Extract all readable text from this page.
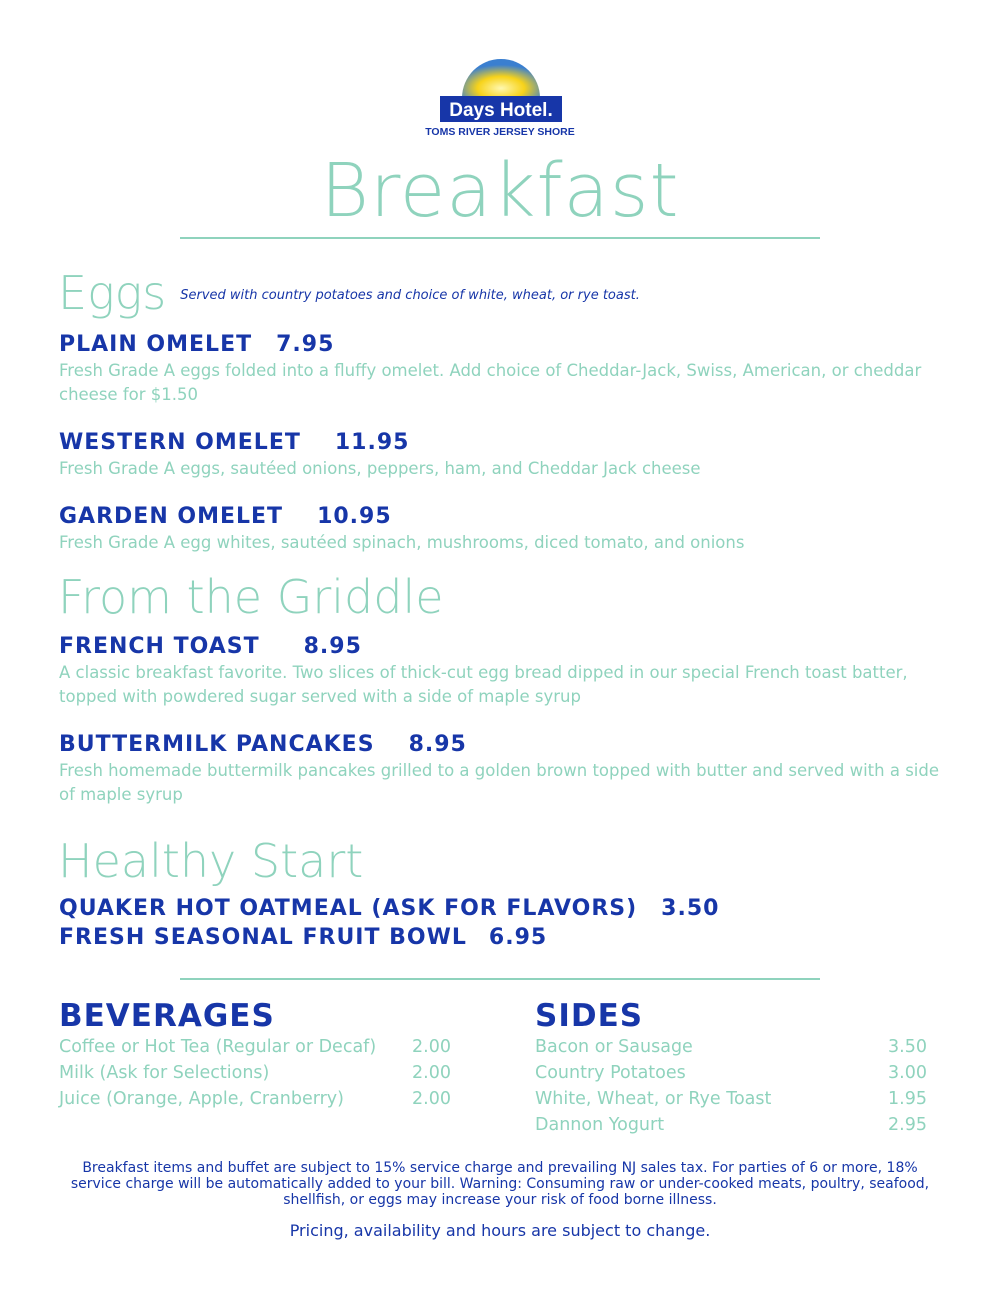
Days Hotel.
TOMS RIVER JERSEY SHORE
Breakfast
Eggs $^{Served with country potatoes and choice of white, wheat, or rye toast.}$
PLAIN OMELET 7.95
Fresh Grade A eggs folded into a fluffy omelet. Add choice of Cheddar-Jack, Swiss, American, or cheddar cheese for $1.50
WESTERN OMELET 11.95
Fresh Grade A eggs, sautéed onions, peppers, ham, and Cheddar Jack cheese
GARDEN OMELET 10.95
Fresh Grade A egg whites, sautéed spinach, mushrooms, diced tomato, and onions
From the Griddle
FRENCH TOAST 8.95
A classic breakfast favorite. Two slices of thick-cut egg bread dipped in our special French toast batter, topped with powdered sugar served with a side of maple syrup
BUTTERMILK PANCAKES 8.95
Fresh homemade buttermilk pancakes grilled to a golden brown topped with butter and served with a side of maple syrup
Healthy Start
QUAKER HOT OATMEAL (ASK FOR FLAVORS) 3.50
FRESH SEASONAL FRUIT BOWL 6.95
BEVERAGES
Coffee or Hot Tea (Regular or Decaf) 2.00
Milk (Ask for Selections)	2.00
Juice (Orange, Apple, Cranberry)	2.00
SIDES
Bacon or Sausage	3.50
Country Potatoes	3.00
White, Wheat, or Rye Toast	1.95
Dannon Yogurt	2.95
Breakfast items and buffet are subject to 15% service charge and prevailing NJ sales tax. For parties of 6 or more, 18% service charge will be automatically added to your bill. Warning: Consuming raw or under-cooked meats, poultry, seafood, shellfish, or eggs may increase your risk of food borne illness.
Pricing, availability and hours are subject to change.
